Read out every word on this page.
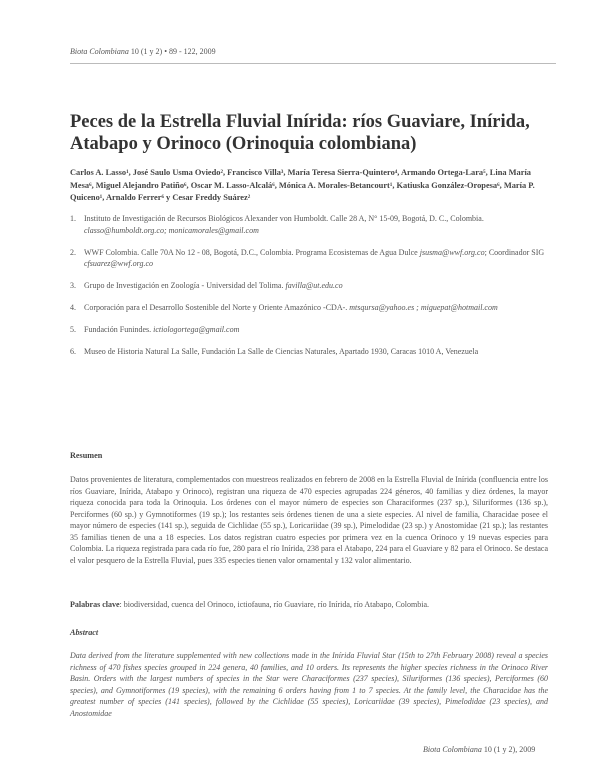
Biota Colombiana 10 (1 y 2) • 89 - 122, 2009
Peces de la Estrella Fluvial Inírida: ríos Guaviare, Inírida, Atabapo y Orinoco (Orinoquia colombiana)
Carlos A. Lasso¹, José Saulo Usma Oviedo², Francisco Villa³, María Teresa Sierra-Quintero⁴, Armando Ortega-Lara⁵, Lina María Mesa⁶, Miguel Alejandro Patiño⁶, Oscar M. Lasso-Alcalá⁶, Mónica A. Morales-Betancourt¹, Katiuska González-Oropesa⁶, María P. Quiceno¹, Arnaldo Ferrer⁶ y Cesar Freddy Suárez²
1.	Instituto de Investigación de Recursos Biológicos Alexander von Humboldt. Calle 28 A, N° 15-09, Bogotá, D. C., Colombia. classo@humboldt.org.co; monicamorales@gmail.com
2.	WWF Colombia. Calle 70A No 12 - 08, Bogotá, D.C., Colombia. Programa Ecosistemas de Agua Dulce jsusma@wwf.org.co; Coordinador SIG cfsuarez@wwf.org.co
3.	Grupo de Investigación en Zoología - Universidad del Tolima. favilla@ut.edu.co
4.	Corporación para el Desarrollo Sostenible del Norte y Oriente Amazónico -CDA-. mtsqursa@yahoo.es ; miguepat@hotmail.com
5.	Fundación Funindes. ictiologortega@gmail.com
6.	Museo de Historia Natural La Salle, Fundación La Salle de Ciencias Naturales, Apartado 1930, Caracas 1010 A, Venezuela
Resumen

Datos provenientes de literatura, complementados con muestreos realizados en febrero de 2008 en la Estrella Fluvial de Inírida (confluencia entre los ríos Guaviare, Inírida, Atabapo y Orinoco), registran una riqueza de 470 especies agrupadas 224 géneros, 40 familias y diez órdenes, la mayor riqueza conocida para toda la Orinoquia. Los órdenes con el mayor número de especies son Characiformes (237 sp.), Siluriformes (136 sp.), Perciformes (60 sp.) y Gymnotiformes (19 sp.); los restantes seis órdenes tienen de una a siete especies. Al nivel de familia, Characidae posee el mayor número de especies (141 sp.), seguida de Cichlidae (55 sp.), Loricariidae (39 sp.), Pimelodidae (23 sp.) y Anostomidae (21 sp.); las restantes 35 familias tienen de una a 18 especies. Los datos registran cuatro especies por primera vez en la cuenca Orinoco y 19 nuevas especies para Colombia. La riqueza registrada para cada río fue, 280 para el río Inírida, 238 para el Atabapo, 224 para el Guaviare y 82 para el Orinoco. Se destaca el valor pesquero de la Estrella Fluvial, pues 335 especies tienen valor ornamental y 132 valor alimentario.

Palabras clave: biodiversidad, cuenca del Orinoco, ictiofauna, río Guaviare, río Inírida, río Atabapo, Colombia.

Abstract

Data derived from the literature supplemented with new collections made in the Inírida Fluvial Star (15th to 27th February 2008) reveal a species richness of 470 fishes species grouped in 224 genera, 40 families, and 10 orders. Its represents the higher species richness in the Orinoco River Basin. Orders with the largest numbers of species in the Star were Characiformes (237 species), Siluriformes (136 species), Perciformes (60 species), and Gymnotiformes (19 species), with the remaining 6 orders having from 1 to 7 species. At the family level, the Characidae has the greatest number of species (141 species), followed by the Cichlidae (55 species), Loricariidae (39 species), Pimelodidae (23 species), and Anostomidae

Biota Colombiana 10 (1 y 2), 2009
